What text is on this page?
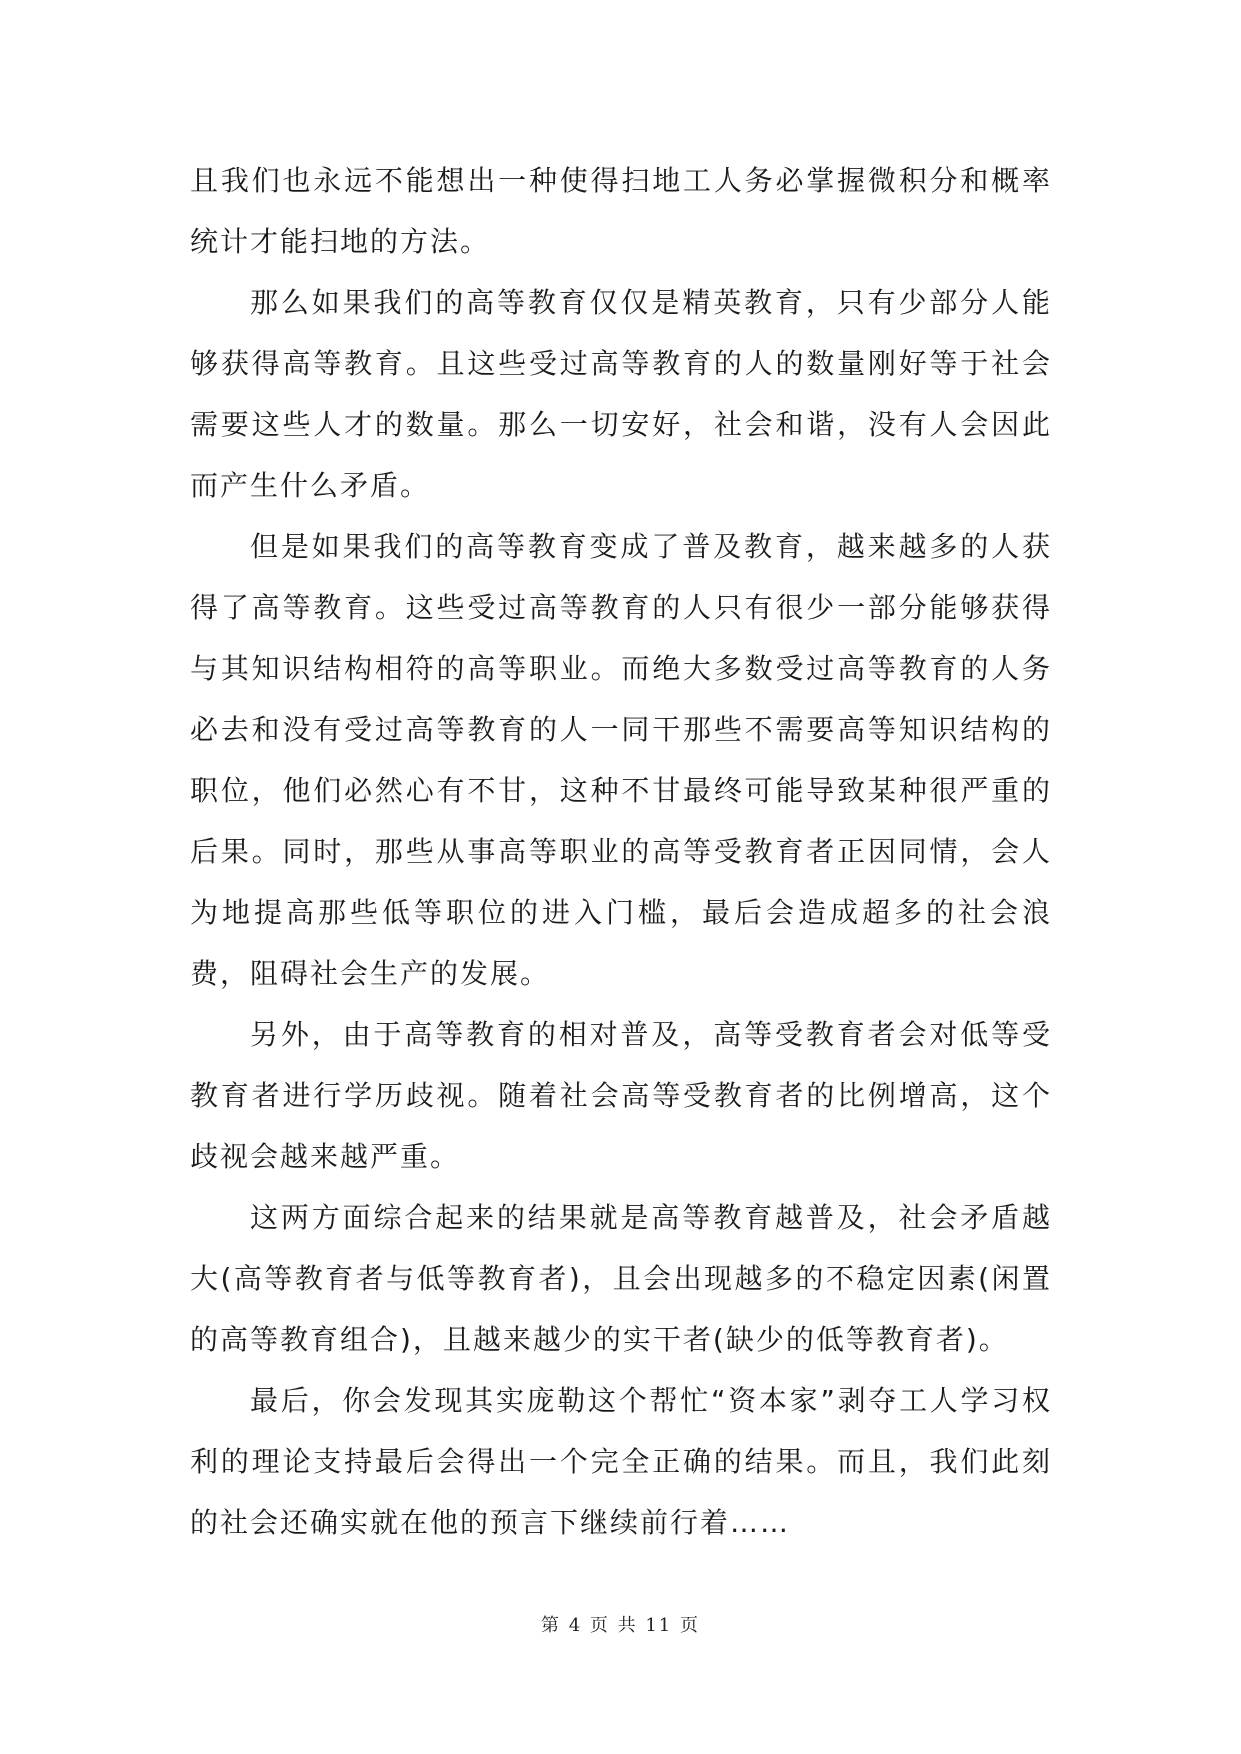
且我们也永远不能想出一种使得扫地工人务必掌握微积分和概率统计才能扫地的方法。

那么如果我们的高等教育仅仅是精英教育，只有少部分人能够获得高等教育。且这些受过高等教育的人的数量刚好等于社会需要这些人才的数量。那么一切安好，社会和谐，没有人会因此而产生什么矛盾。

但是如果我们的高等教育变成了普及教育，越来越多的人获得了高等教育。这些受过高等教育的人只有很少一部分能够获得与其知识结构相符的高等职业。而绝大多数受过高等教育的人务必去和没有受过高等教育的人一同干那些不需要高等知识结构的职位，他们必然心有不甘，这种不甘最终可能导致某种很严重的后果。同时，那些从事高等职业的高等受教育者正因同情，会人为地提高那些低等职位的进入门槛，最后会造成超多的社会浪费，阻碍社会生产的发展。

另外，由于高等教育的相对普及，高等受教育者会对低等受教育者进行学历歧视。随着社会高等受教育者的比例增高，这个歧视会越来越严重。

这两方面综合起来的结果就是高等教育越普及，社会矛盾越大(高等教育者与低等教育者)，且会出现越多的不稳定因素(闲置的高等教育组合)，且越来越少的实干者(缺少的低等教育者)。

最后，你会发现其实庞勒这个帮忙“资本家”剥夺工人学习权利的理论支持最后会得出一个完全正确的结果。而且，我们此刻的社会还确实就在他的预言下继续前行着……

第 4 页 共 11 页
